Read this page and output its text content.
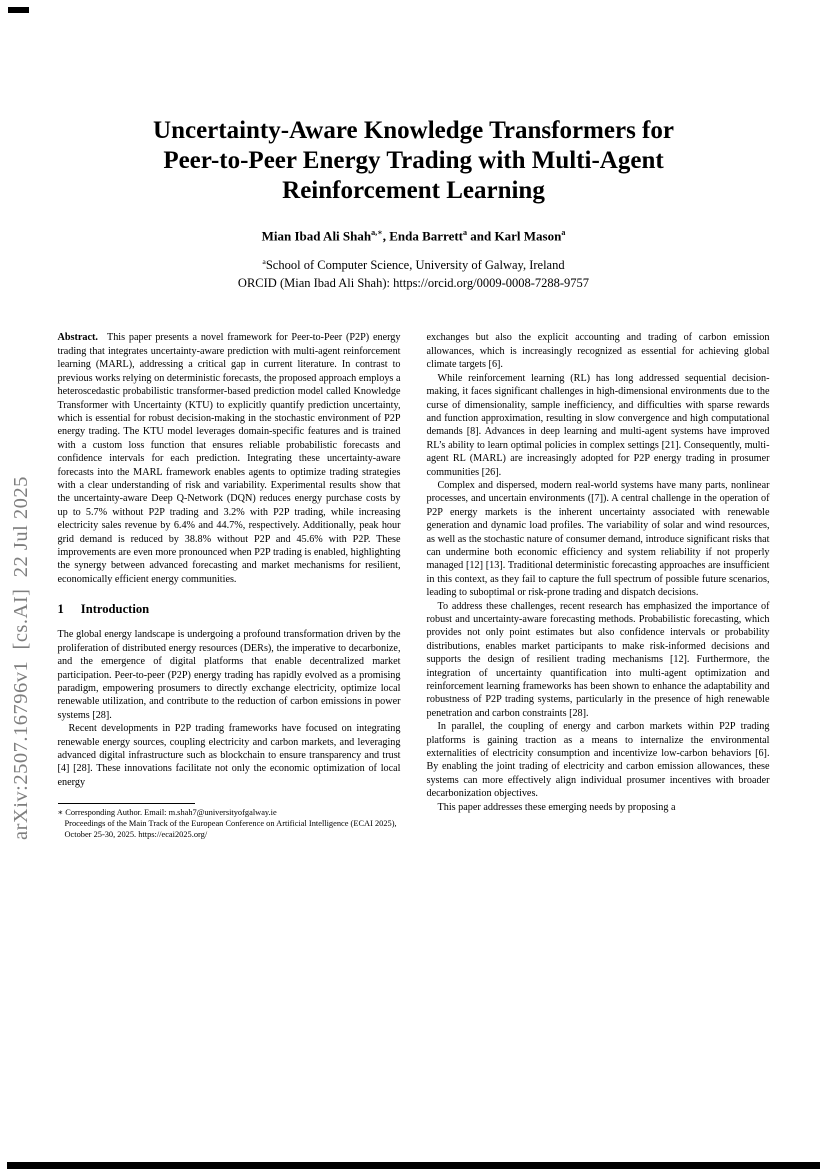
arXiv:2507.16796v1  [cs.AI]  22 Jul 2025
Uncertainty-Aware Knowledge Transformers for
Peer-to-Peer Energy Trading with Multi-Agent
Reinforcement Learning
Mian Ibad Ali Shah$^{a,∗}$, Enda Barrett$^a$ and Karl Mason$^a$
$^a$School of Computer Science, University of Galway, Ireland
ORCID (Mian Ibad Ali Shah): https://orcid.org/0009-0008-7288-9757

Abstract. This paper presents a novel framework for Peer-to-Peer (P2P) energy trading that integrates uncertainty-aware prediction with multi-agent reinforcement learning (MARL), addressing a critical gap in current literature. In contrast to previous works relying on deterministic forecasts, the proposed approach employs a heteroscedastic probabilistic transformer-based prediction model called Knowledge Transformer with Uncertainty (KTU) to explicitly quantify prediction uncertainty, which is essential for robust decision-making in the stochastic environment of P2P energy trading. The KTU model leverages domain-specific features and is trained with a custom loss function that ensures reliable probabilistic forecasts and confidence intervals for each prediction. Integrating these uncertainty-aware forecasts into the MARL framework enables agents to optimize trading strategies with a clear understanding of risk and variability. Experimental results show that the uncertainty-aware Deep Q-Network (DQN) reduces energy purchase costs by up to 5.7% without P2P trading and 3.2% with P2P trading, while increasing electricity sales revenue by 6.4% and 44.7%, respectively. Additionally, peak hour grid demand is reduced by 38.8% without P2P and 45.6% with P2P. These improvements are even more pronounced when P2P trading is enabled, highlighting the synergy between advanced forecasting and market mechanisms for resilient, economically efficient energy communities.

1 Introduction

The global energy landscape is undergoing a profound transformation driven by the proliferation of distributed energy resources (DERs), the imperative to decarbonize, and the emergence of digital platforms that enable decentralized market participation. Peer-to-peer (P2P) energy trading has rapidly evolved as a promising paradigm, empowering prosumers to directly exchange electricity, optimize local renewable utilization, and contribute to the reduction of carbon emissions in power systems [28].

Recent developments in P2P trading frameworks have focused on integrating renewable energy sources, coupling electricity and carbon markets, and leveraging advanced digital infrastructure such as blockchain to ensure transparency and trust [4] [28]. These innovations facilitate not only the economic optimization of local energy

∗ Corresponding Author. Email: m.shah7@universityofgalway.ie

Proceedings of the Main Track of the European Conference on Artificial Intelligence (ECAI 2025), October 25-30, 2025. https://ecai2025.org/

exchanges but also the explicit accounting and trading of carbon emission allowances, which is increasingly recognized as essential for achieving global climate targets [6].

While reinforcement learning (RL) has long addressed sequential decision-making, it faces significant challenges in high-dimensional environments due to the curse of dimensionality, sample inefficiency, and difficulties with sparse rewards and function approximation, resulting in slow convergence and high computational demands [8]. Advances in deep learning and multi-agent systems have improved RL’s ability to learn optimal policies in complex settings [21]. Consequently, multi-agent RL (MARL) are increasingly adopted for P2P energy trading in prosumer communities [26].

Complex and dispersed, modern real-world systems have many parts, nonlinear processes, and uncertain environments ([7]). A central challenge in the operation of P2P energy markets is the inherent uncertainty associated with renewable generation and dynamic load profiles. The variability of solar and wind resources, as well as the stochastic nature of consumer demand, introduce significant risks that can undermine both economic efficiency and system reliability if not properly managed [12] [13]. Traditional deterministic forecasting approaches are insufficient in this context, as they fail to capture the full spectrum of possible future scenarios, leading to suboptimal or risk-prone trading and dispatch decisions.

To address these challenges, recent research has emphasized the importance of robust and uncertainty-aware forecasting methods. Probabilistic forecasting, which provides not only point estimates but also confidence intervals or probability distributions, enables market participants to make risk-informed decisions and supports the design of resilient trading mechanisms [12]. Furthermore, the integration of uncertainty quantification into multi-agent optimization and reinforcement learning frameworks has been shown to enhance the adaptability and robustness of P2P trading systems, particularly in the presence of high renewable penetration and carbon constraints [28].

In parallel, the coupling of energy and carbon markets within P2P trading platforms is gaining traction as a means to internalize the environmental externalities of electricity consumption and incentivize low-carbon behaviors [6]. By enabling the joint trading of electricity and carbon emission allowances, these systems can more effectively align individual prosumer incentives with broader decarbonization objectives.

This paper addresses these emerging needs by proposing a
